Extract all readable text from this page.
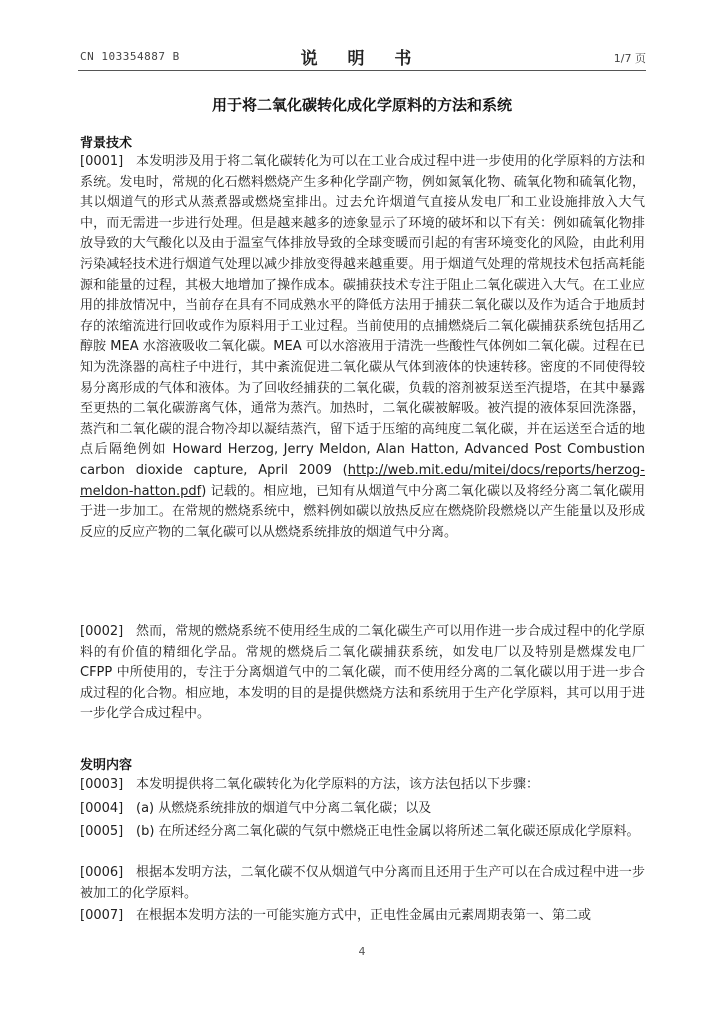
CN 103354887 B	说 明 书	1/7 页
用于将二氧化碳转化成化学原料的方法和系统
背景技术
[0001] 本发明涉及用于将二氧化碳转化为可以在工业合成过程中进一步使用的化学原料的方法和系统。发电时，常规的化石燃料燃烧产生多种化学副产物，例如氮氧化物、硫氧化物和硫氧化物，其以烟道气的形式从蒸煮器或燃烧室排出。过去允许烟道气直接从发电厂和工业设施排放入大气中，而无需进一步进行处理。但是越来越多的迹象显示了环境的破坏和以下有关：例如硫氧化物排放导致的大气酸化以及由于温室气体排放导致的全球变暖而引起的有害环境变化的风险，由此利用污染减轻技术进行烟道气处理以减少排放变得越来越重要。用于烟道气处理的常规技术包括高耗能源和能量的过程，其极大地增加了操作成本。碳捕获技术专注于阻止二氧化碳进入大气。在工业应用的排放情况中，当前存在具有不同成熟水平的降低方法用于捕获二氧化碳以及作为适合于地质封存的浓缩流进行回收或作为原料用于工业过程。当前使用的点捕燃烧后二氧化碳捕获系统包括用乙醇胺 MEA 水溶液吸收二氧化碳。MEA 可以水溶液用于清洗一些酸性气体例如二氧化碳。过程在已知为洗涤器的高柱子中进行，其中紊流促进二氧化碳从气体到液体的快速转移。密度的不同使得较易分离形成的气体和液体。为了回收经捕获的二氧化碳，负载的溶剂被泵送至汽提塔，在其中暴露至更热的二氧化碳游离气体，通常为蒸汽。加热时，二氧化碳被解吸。被汽提的液体泵回洗涤器，蒸汽和二氧化碳的混合物冷却以凝结蒸汽，留下适于压缩的高纯度二氧化碳，并在运送至合适的地点后隔绝例如 Howard Herzog, Jerry Meldon, Alan Hatton, Advanced Post Combustion carbon dioxide capture, April 2009 (http://web.mit.edu/mitei/docs/reports/herzog-meldon-hatton.pdf) 记载的。相应地，已知有从烟道气中分离二氧化碳以及将经分离二氧化碳用于进一步加工。在常规的燃烧系统中，燃料例如碳以放热反应在燃烧阶段燃烧以产生能量以及形成反应的反应产物的二氧化碳可以从燃烧系统排放的烟道气中分离。
[0002] 然而，常规的燃烧系统不使用经生成的二氧化碳生产可以用作进一步合成过程中的化学原料的有价值的精细化学品。常规的燃烧后二氧化碳捕获系统，如发电厂以及特别是燃煤发电厂 CFPP 中所使用的，专注于分离烟道气中的二氧化碳，而不使用经分离的二氧化碳以用于进一步合成过程的化合物。相应地，本发明的目的是提供燃烧方法和系统用于生产化学原料，其可以用于进一步化学合成过程中。
发明内容
[0003] 本发明提供将二氧化碳转化为化学原料的方法，该方法包括以下步骤：
[0004] (a) 从燃烧系统排放的烟道气中分离二氧化碳；以及
[0005] (b) 在所述经分离二氧化碳的气氛中燃烧正电性金属以将所述二氧化碳还原成化学原料。
[0006] 根据本发明方法，二氧化碳不仅从烟道气中分离而且还用于生产可以在合成过程中进一步被加工的化学原料。
[0007] 在根据本发明方法的一可能实施方式中，正电性金属由元素周期表第一、第二或
4
